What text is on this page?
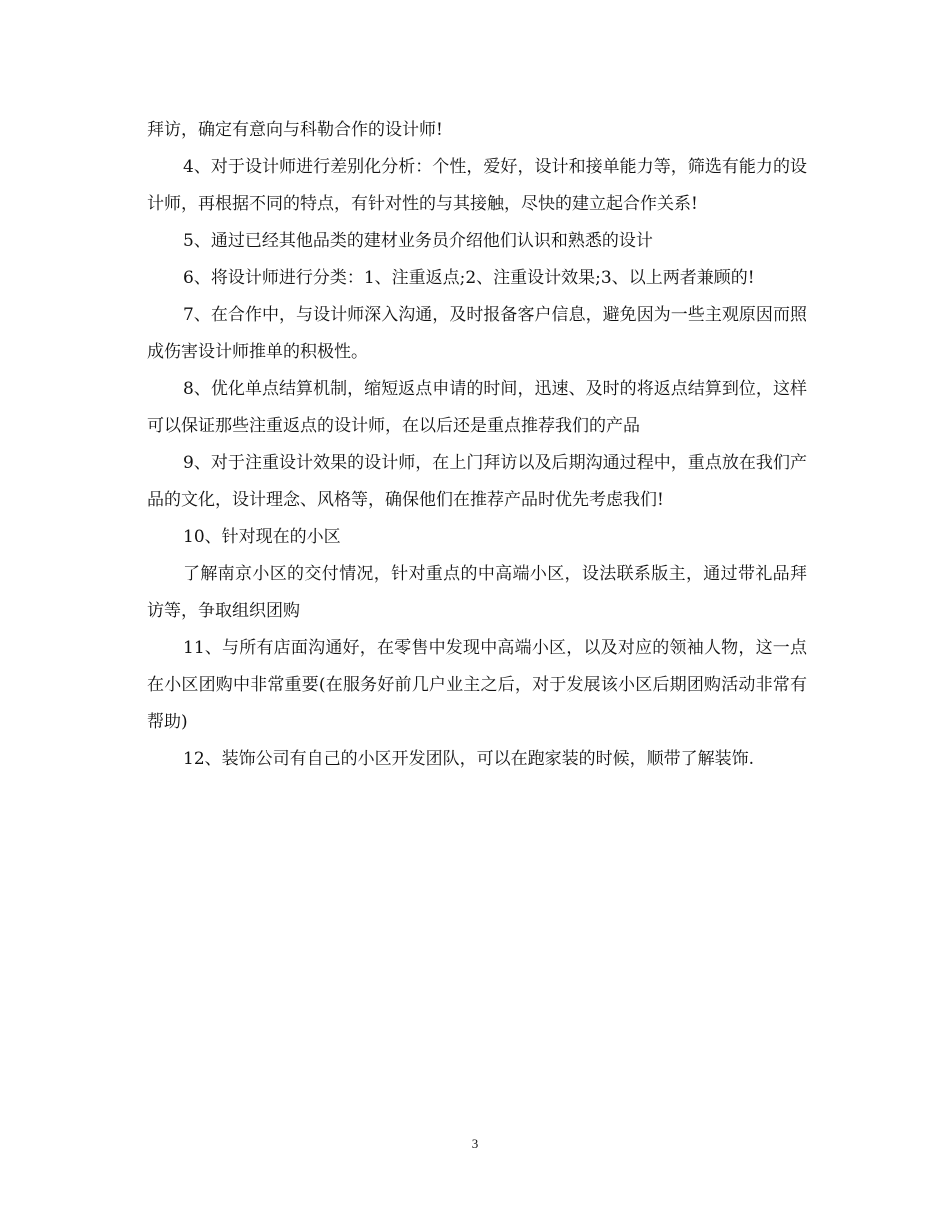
拜访，确定有意向与科勒合作的设计师!

4、对于设计师进行差别化分析：个性，爱好，设计和接单能力等，筛选有能力的设计师，再根据不同的特点，有针对性的与其接触，尽快的建立起合作关系!

5、通过已经其他品类的建材业务员介绍他们认识和熟悉的设计

6、将设计师进行分类：1、注重返点;2、注重设计效果;3、以上两者兼顾的!

7、在合作中，与设计师深入沟通，及时报备客户信息，避免因为一些主观原因而照成伤害设计师推单的积极性。

8、优化单点结算机制，缩短返点申请的时间，迅速、及时的将返点结算到位，这样可以保证那些注重返点的设计师，在以后还是重点推荐我们的产品

9、对于注重设计效果的设计师，在上门拜访以及后期沟通过程中，重点放在我们产品的文化，设计理念、风格等，确保他们在推荐产品时优先考虑我们!

10、针对现在的小区

了解南京小区的交付情况，针对重点的中高端小区，设法联系版主，通过带礼品拜访等，争取组织团购

11、与所有店面沟通好，在零售中发现中高端小区，以及对应的领袖人物，这一点在小区团购中非常重要(在服务好前几户业主之后，对于发展该小区后期团购活动非常有帮助)

12、装饰公司有自己的小区开发团队，可以在跑家装的时候，顺带了解装饰.

3
